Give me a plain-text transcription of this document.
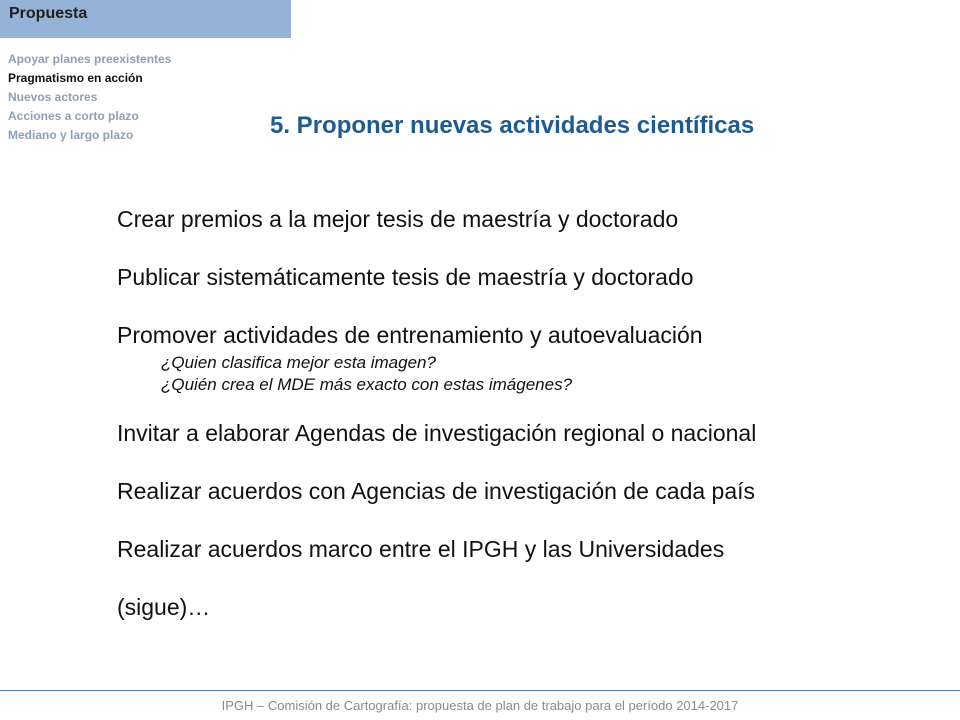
Propuesta
Apoyar planes preexistentes
Pragmatismo en acción
Nuevos actores
Acciones a corto plazo
Mediano y largo plazo	5. Proponer nuevas actividades científicas
Crear premios a la mejor tesis de maestría y doctorado
Publicar sistemáticamente tesis de maestría y doctorado
Promover actividades de entrenamiento y autoevaluación
¿Quien clasifica mejor esta imagen?
¿Quién crea el MDE más exacto con estas imágenes?
Invitar a elaborar Agendas de investigación regional o nacional
Realizar acuerdos con Agencias de investigación de cada país
Realizar acuerdos marco entre el IPGH y las Universidades
(sigue)…
IPGH – Comisión de Cartografía: propuesta de plan de trabajo para el período 2014-2017
